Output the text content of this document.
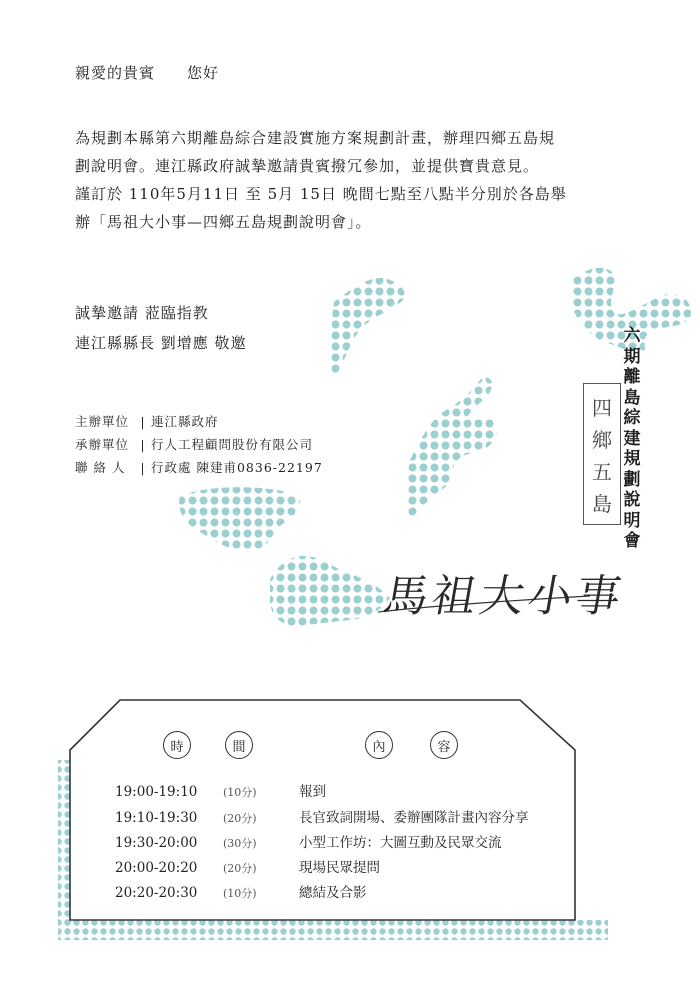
親愛的貴賓 您好
為規劃本縣第六期離島綜合建設實施方案規劃計畫，辦理四鄉五島規
劃說明會。連江縣政府誠摯邀請貴賓撥冗參加，並提供寶貴意見。
謹訂於 110年5月11日 至 5月 15日 晚間七點至八點半分別於各島舉
辦「馬祖大小事—四鄉五島規劃說明會」。
誠摯邀請 蒞臨指教
連江縣縣長 劉增應 敬邀
主辦單位 | 連江縣政府
承辦單位 | 行人工程顧問股份有限公司
聯 絡 人 | 行政處 陳建甫0836-22197
四
鄉
五
島
六
期
離
島
綜
建
規
劃
說
明
會
馬祖大小事
時	間	內	容
19:00-19:10 (10分)	報到
19:10-19:30 (20分)	長官致詞開場、委辦團隊計畫內容分享
19:30-20:00 (30分)	小型工作坊：大圖互動及民眾交流
20:00-20:20 (20分)	現場民眾提問
20:20-20:30 (10分)	總結及合影
